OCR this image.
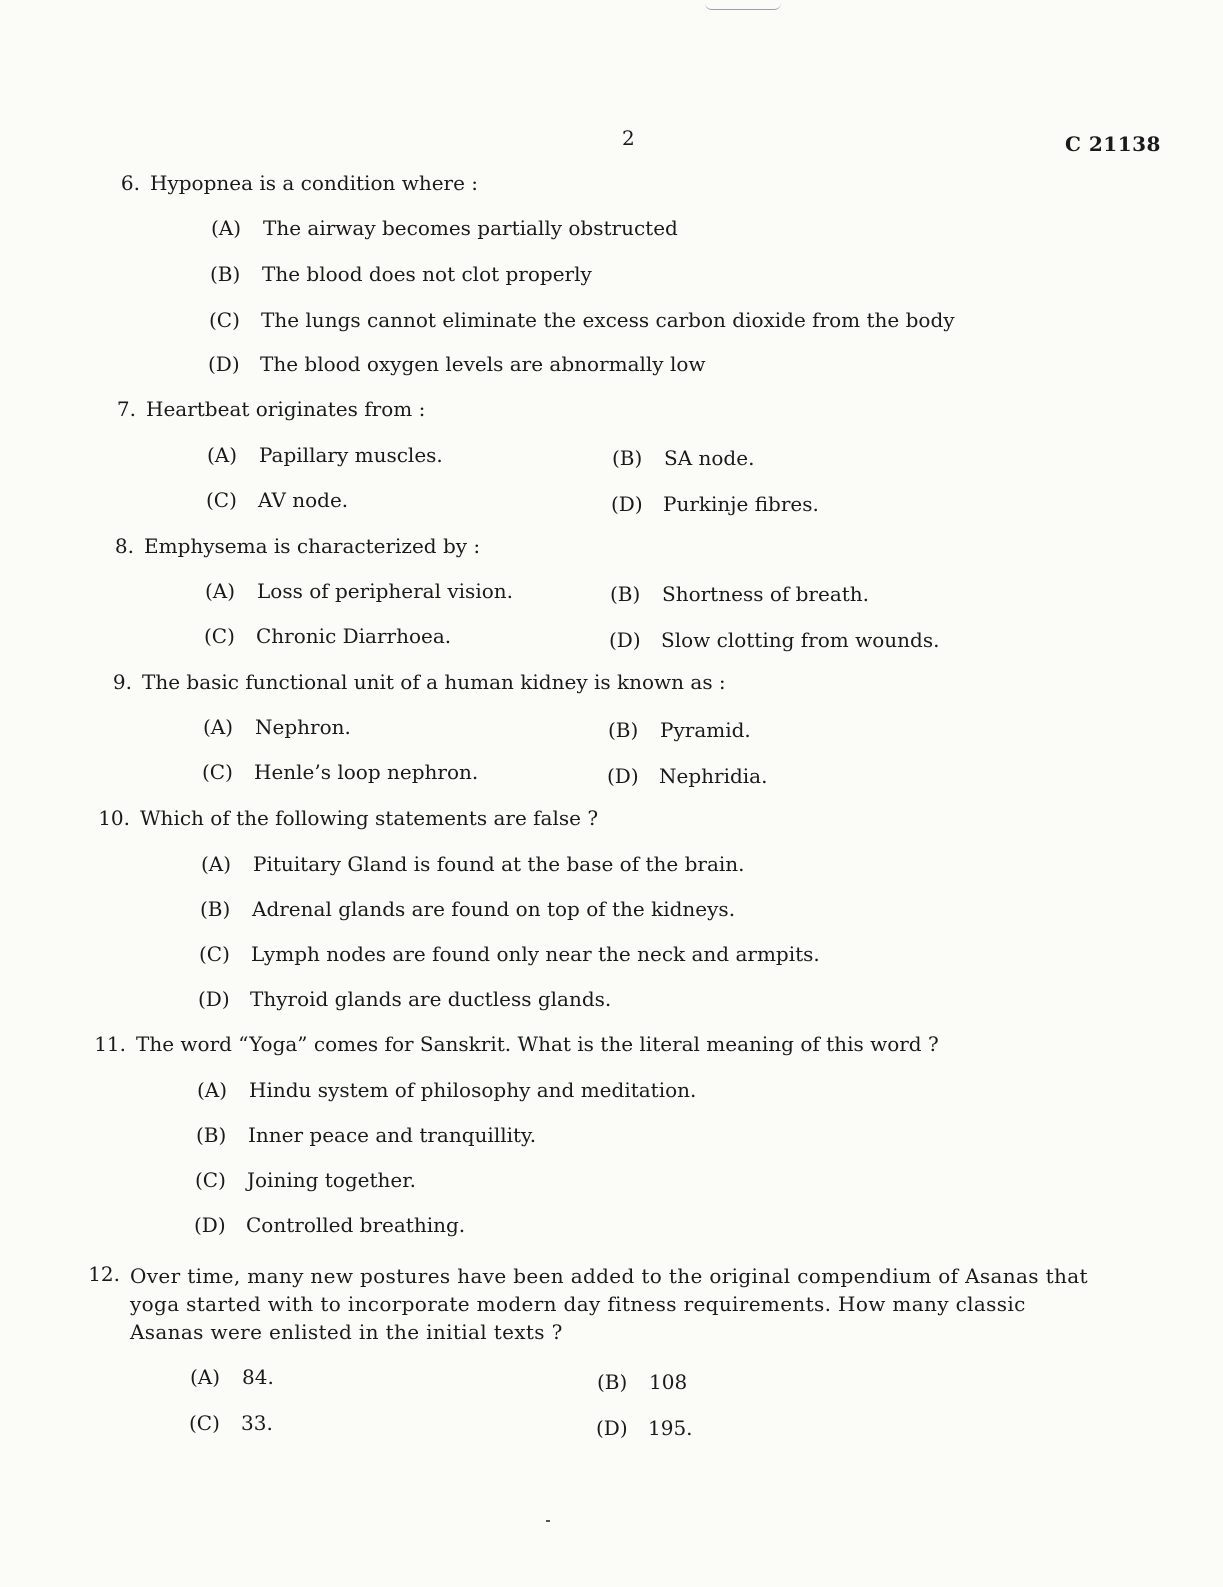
2	C 21138
6. Hypopnea is a condition where :
(A) The airway becomes partially obstructed
(B) The blood does not clot properly
(C) The lungs cannot eliminate the excess carbon dioxide from the body
(D) The blood oxygen levels are abnormally low
7. Heartbeat originates from :
(A) Papillary muscles.	(B) SA node.
(C) AV node.	(D) Purkinje fibres.
8. Emphysema is characterized by :
(A) Loss of peripheral vision.	(B) Shortness of breath.
(C) Chronic Diarrhoea.	(D) Slow clotting from wounds.
9. The basic functional unit of a human kidney is known as :
(A) Nephron.	(B) Pyramid.
(C) Henle’s loop nephron.	(D) Nephridia.
10. Which of the following statements are false ?
(A) Pituitary Gland is found at the base of the brain.
(B) Adrenal glands are found on top of the kidneys.
(C) Lymph nodes are found only near the neck and armpits.
(D) Thyroid glands are ductless glands.
11. The word “Yoga” comes for Sanskrit. What is the literal meaning of this word ?
(A) Hindu system of philosophy and meditation.
(B) Inner peace and tranquillity.
(C) Joining together.
(D) Controlled breathing.
12. Over time, many new postures have been added to the original compendium of Asanas that yoga started with to incorporate modern day fitness requirements. How many classic Asanas were enlisted in the initial texts ?
(A) 84.	(B) 108
(C) 33.	(D) 195.
